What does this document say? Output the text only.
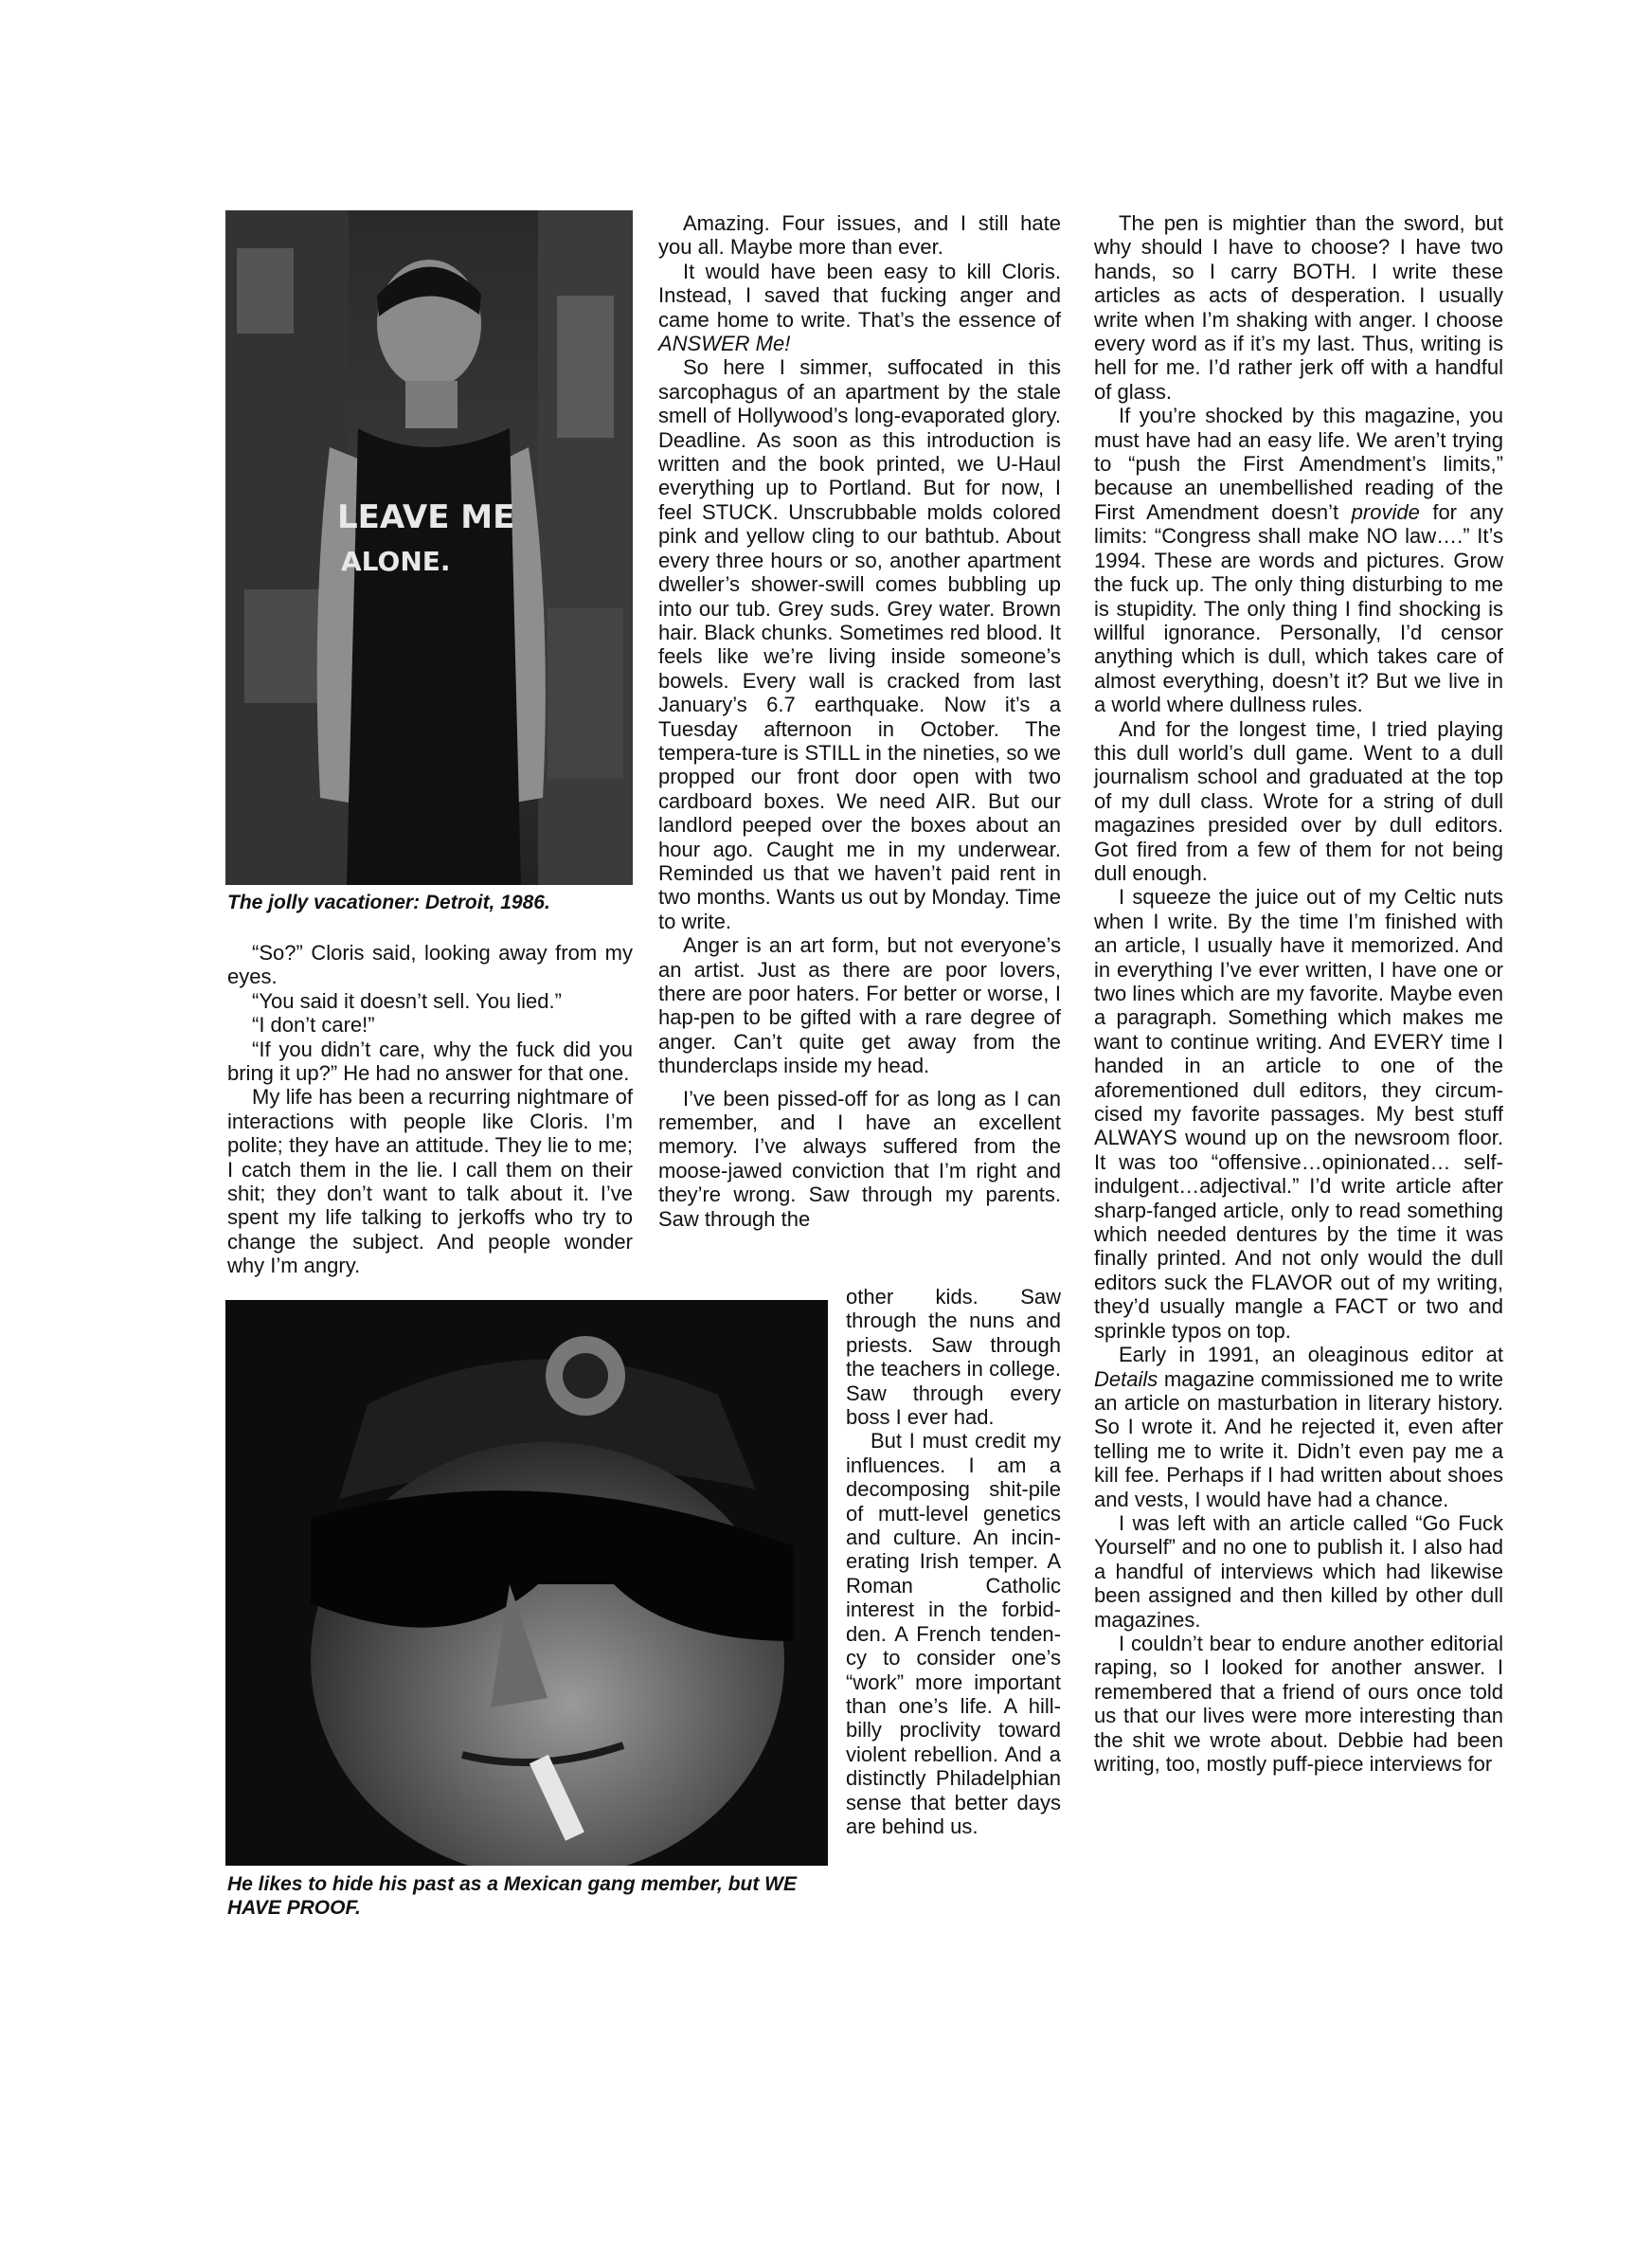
LEAVE ME
ALONE.
The jolly vacationer: Detroit, 1986.
He likes to hide his past as a Mexican gang member, but WE HAVE PROOF.

“So?” Cloris said, looking away from my eyes.

“You said it doesn’t sell. You lied.”

“I don’t care!”

“If you didn’t care, why the fuck did you bring it up?” He had no answer for that one.

My life has been a recurring nightmare of interactions with people like Cloris. I’m polite; they have an attitude. They lie to me; I catch them in the lie. I call them on their shit; they don’t want to talk about it. I’ve spent my life talking to jerkoffs who try to change the subject. And people wonder why I’m angry.

Amazing. Four issues, and I still hate you all. Maybe more than ever.

It would have been easy to kill Cloris. Instead, I saved that fucking anger and came home to write. That’s the essence of ANSWER Me!

So here I simmer, suffocated in this sarcophagus of an apartment by the stale smell of Hollywood’s long-evaporated glory. Deadline. As soon as this introduction is written and the book printed, we U-Haul everything up to Portland. But for now, I feel STUCK. Unscrubbable molds colored pink and yellow cling to our bathtub. About every three hours or so, another apartment dweller’s shower-swill comes bubbling up into our tub. Grey suds. Grey water. Brown hair. Black chunks. Sometimes red blood. It feels like we’re living inside someone’s bowels. Every wall is cracked from last January’s 6.7 earthquake. Now it’s a Tuesday afternoon in October. The tempera-ture is STILL in the nineties, so we propped our front door open with two cardboard boxes. We need AIR. But our landlord peeped over the boxes about an hour ago. Caught me in my underwear. Reminded us that we haven’t paid rent in two months. Wants us out by Monday. Time to write.

Anger is an art form, but not everyone’s an artist. Just as there are poor lovers, there are poor haters. For better or worse, I hap-pen to be gifted with a rare degree of anger. Can’t quite get away from the thunderclaps inside my head.

I’ve been pissed-off for as long as I can remember, and I have an excellent memory. I’ve always suffered from the moose-jawed conviction that I’m right and they’re wrong. Saw through my parents. Saw through the

other kids. Saw through the nuns and priests. Saw through the teachers in college. Saw through every boss I ever had.

But I must credit my influences. I am a decomposing shit-pile of mutt-level genetics and culture. An incin-erating Irish temper. A Roman Catholic interest in the forbid-den. A French tenden-cy to consider one’s “work” more important than one’s life. A hill-billy proclivity toward violent rebellion. And a distinctly Philadelphian sense that better days are behind us.

The pen is mightier than the sword, but why should I have to choose? I have two hands, so I carry BOTH. I write these articles as acts of desperation. I usually write when I’m shaking with anger. I choose every word as if it’s my last. Thus, writing is hell for me. I’d rather jerk off with a handful of glass.

If you’re shocked by this magazine, you must have had an easy life. We aren’t trying to “push the First Amendment’s limits,” because an unembellished reading of the First Amendment doesn’t provide for any limits: “Congress shall make NO law….” It’s 1994. These are words and pictures. Grow the fuck up. The only thing disturbing to me is stupidity. The only thing I find shocking is willful ignorance. Personally, I’d censor anything which is dull, which takes care of almost everything, doesn’t it? But we live in a world where dullness rules.

And for the longest time, I tried playing this dull world’s dull game. Went to a dull journalism school and graduated at the top of my dull class. Wrote for a string of dull magazines presided over by dull editors. Got fired from a few of them for not being dull enough.

I squeeze the juice out of my Celtic nuts when I write. By the time I’m finished with an article, I usually have it memorized. And in everything I’ve ever written, I have one or two lines which are my favorite. Maybe even a paragraph. Something which makes me want to continue writing. And EVERY time I handed in an article to one of the aforementioned dull editors, they circum-cised my favorite passages. My best stuff ALWAYS wound up on the newsroom floor. It was too “offensive…opinionated… self-indulgent…adjectival.” I’d write article after sharp-fanged article, only to read something which needed dentures by the time it was finally printed. And not only would the dull editors suck the FLAVOR out of my writing, they’d usually mangle a FACT or two and sprinkle typos on top.

Early in 1991, an oleaginous editor at Details magazine commissioned me to write an article on masturbation in literary history. So I wrote it. And he rejected it, even after telling me to write it. Didn’t even pay me a kill fee. Perhaps if I had written about shoes and vests, I would have had a chance.

I was left with an article called “Go Fuck Yourself” and no one to publish it. I also had a handful of interviews which had likewise been assigned and then killed by other dull magazines.

I couldn’t bear to endure another editorial raping, so I looked for another answer. I remembered that a friend of ours once told us that our lives were more interesting than the shit we wrote about. Debbie had been writing, too, mostly puff-piece interviews for
